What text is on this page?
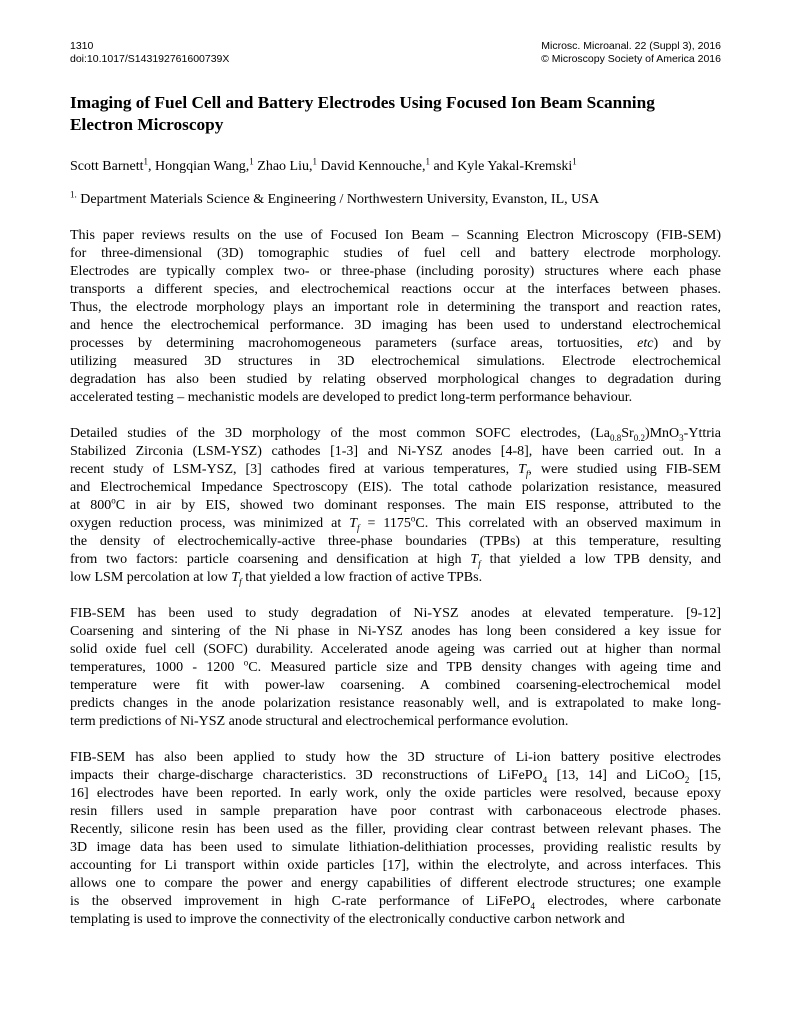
1310
doi:10.1017/S143192761600739X
Microsc. Microanal. 22 (Suppl 3), 2016
© Microscopy Society of America 2016
Imaging of Fuel Cell and Battery Electrodes Using Focused Ion Beam Scanning
Electron Microscopy
Scott Barnett$^1$, Hongqian Wang,$^1$ Zhao Liu,$^1$ David Kennouche,$^1$ and Kyle Yakal-Kremski$^1$
$^{1.}$ Department Materials Science & Engineering / Northwestern University, Evanston, IL, USA
This paper reviews results on the use of Focused Ion Beam – Scanning Electron Microscopy (FIB-SEM)
for three-dimensional (3D) tomographic studies of fuel cell and battery electrode morphology.
Electrodes are typically complex two- or three-phase (including porosity) structures where each phase
transports a different species, and electrochemical reactions occur at the interfaces between phases.
Thus, the electrode morphology plays an important role in determining the transport and reaction rates,
and hence the electrochemical performance. 3D imaging has been used to understand electrochemical
processes by determining macrohomogeneous parameters (surface areas, tortuosities, etc) and by
utilizing measured 3D structures in 3D electrochemical simulations. Electrode electrochemical
degradation has also been studied by relating observed morphological changes to degradation during
accelerated testing – mechanistic models are developed to predict long-term performance behaviour.
Detailed studies of the 3D morphology of the most common SOFC electrodes, $(La_{0.8}Sr_{0.2})MnO_3$-Yttria
Stabilized Zirconia (LSM-YSZ) cathodes [1-3] and Ni-YSZ anodes [4-8], have been carried out. In a
recent study of LSM-YSZ, [3] cathodes fired at various temperatures, $T_f$, were studied using FIB-SEM
and Electrochemical Impedance Spectroscopy (EIS). The total cathode polarization resistance, measured
at 800$^o$C in air by EIS, showed two dominant responses. The main EIS response, attributed to the
oxygen reduction process, was minimized at $T_f = 1175^oC$. This correlated with an observed maximum in
the density of electrochemically-active three-phase boundaries (TPBs) at this temperature, resulting
from two factors: particle coarsening and densification at high $T_f$ that yielded a low TPB density, and
low LSM percolation at low $T_f$ that yielded a low fraction of active TPBs.
FIB-SEM has been used to study degradation of Ni-YSZ anodes at elevated temperature. [9-12]
Coarsening and sintering of the Ni phase in Ni-YSZ anodes has long been considered a key issue for
solid oxide fuel cell (SOFC) durability. Accelerated anode ageing was carried out at higher than normal
temperatures, 1000 - 1200 $^o$C. Measured particle size and TPB density changes with ageing time and
temperature were fit with power-law coarsening. A combined coarsening-electrochemical model
predicts changes in the anode polarization resistance reasonably well, and is extrapolated to make long-
term predictions of Ni-YSZ anode structural and electrochemical performance evolution.
FIB-SEM has also been applied to study how the 3D structure of Li-ion battery positive electrodes
impacts their charge-discharge characteristics. 3D reconstructions of LiFePO$_4$ [13, 14] and LiCoO$_2$ [15,
16] electrodes have been reported. In early work, only the oxide particles were resolved, because epoxy
resin fillers used in sample preparation have poor contrast with carbonaceous electrode phases.
Recently, silicone resin has been used as the filler, providing clear contrast between relevant phases. The
3D image data has been used to simulate lithiation-delithiation processes, providing realistic results by
accounting for Li transport within oxide particles [17], within the electrolyte, and across interfaces. This
allows one to compare the power and energy capabilities of different electrode structures; one example
is the observed improvement in high C-rate performance of LiFePO$_4$ electrodes, where carbonate
templating is used to improve the connectivity of the electronically conductive carbon network and
